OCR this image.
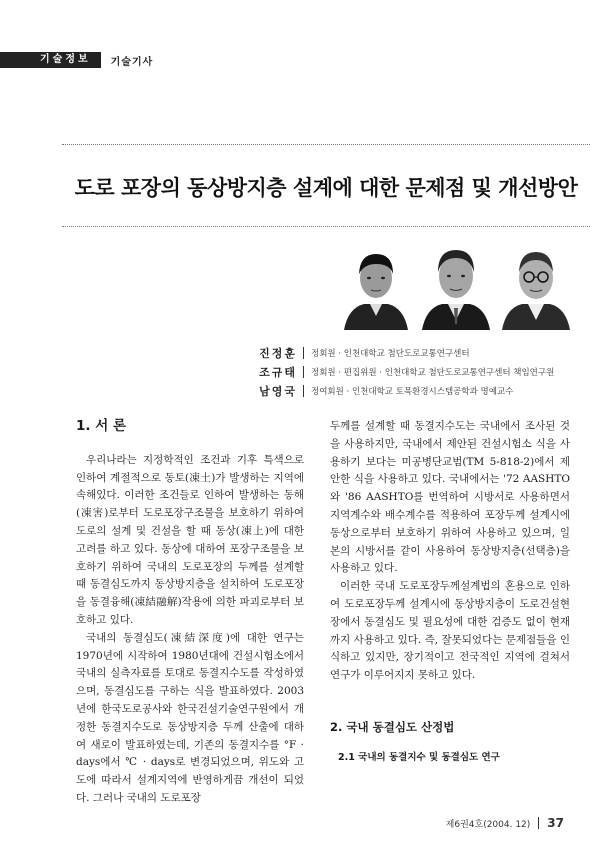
기술정보	기술기사
도로 포장의 동상방지층 설계에 대한 문제점 및 개선방안
진정훈 정회원 · 인천대학교 첨단도로교통연구센터
조규태 정회원 · 편집위원 · 인천대학교 첨단도로교통연구센터 책임연구원
남영국 정여회원 · 인천대학교 토목환경시스템공학과 명예교수
1. 서 론

우리나라는 지정학적인 조건과 기후 특색으로 인하여 계절적으로 동토(凍土)가 발생하는 지역에 속해있다. 이러한 조건들로 인하여 발생하는 동해(凍害)로부터 도로포장구조물을 보호하기 위하여 도로의 설계 및 건설을 할 때 동상(凍上)에 대한 고려를 하고 있다. 동상에 대하여 포장구조물을 보호하기 위하여 국내의 도로포장의 두께를 설계할 때 동결심도까지 동상방지층을 설치하여 도로포장을 동결융해(凍結融解)작용에 의한 파괴로부터 보호하고 있다.

국내의 동결심도(凍結深度)에 대한 연구는 1970년에 시작하여 1980년대에 건설시험소에서 국내의 실측자료를 토대로 동결지수도를 작성하였으며, 동결심도를 구하는 식을 발표하였다. 2003년에 한국도로공사와 한국건설기술연구원에서 개정한 동결지수도로 동상방지층 두께 산출에 대하여 새로이 발표하였는데, 기존의 동결지수를 °F · days에서 ℃ · days로 변경되었으며, 위도와 고도에 따라서 설계지역에 반영하게끔 개선이 되었다. 그러나 국내의 도로포장

두께를 설계할 때 동결지수도는 국내에서 조사된 것을 사용하지만, 국내에서 제안된 건설시험소 식을 사용하기 보다는 미공병단교범(TM 5-818-2)에서 제안한 식을 사용하고 있다. 국내에서는 '72 AASHTO와 '86 AASHTO를 번역하여 시방서로 사용하면서 지역계수와 배수계수를 적용하여 포장두께 설계시에 동상으로부터 보호하기 위하여 사용하고 있으며, 일본의 시방서를 같이 사용하여 동상방지층(선택층)을 사용하고 있다.

이러한 국내 도로포장두께설계법의 혼용으로 인하여 도로포장두께 설계시에 동상방지층이 도로건설현장에서 동결심도 및 필요성에 대한 검증도 없이 현재까지 사용하고 있다. 즉, 잘못되었다는 문제점들을 인식하고 있지만, 장기적이고 전국적인 지역에 걸쳐서 연구가 이루어지지 못하고 있다.

2. 국내 동결심도 산정법
2.1 국내의 동결지수 및 동결심도 연구
제6권4호(2004. 12) 37
